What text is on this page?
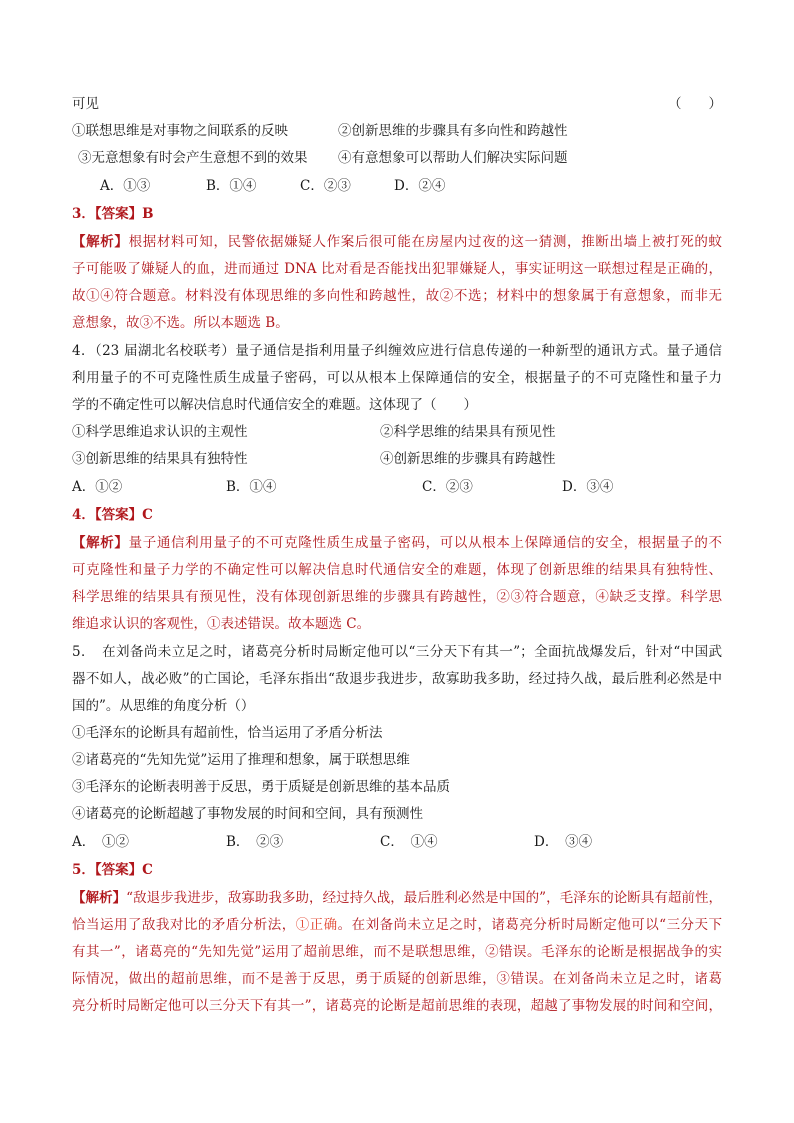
可见	（　　）
①联想思维是对事物之间联系的反映	②创新思维的步骤具有多向性和跨越性
③无意想象有时会产生意想不到的效果 ④有意想象可以帮助人们解决实际问题
A．①③	B．①④	C．②③	D．②④
3．【答案】B
【解析】根据材料可知，民警依据嫌疑人作案后很可能在房屋内过夜的这一猜测，推断出墙上被打死的蚊
子可能吸了嫌疑人的血，进而通过 DNA 比对看是否能找出犯罪嫌疑人，事实证明这一联想过程是正确的，
故①④符合题意。材料没有体现思维的多向性和跨越性，故②不选；材料中的想象属于有意想象，而非无
意想象，故③不选。所以本题选 B。
4．（23 届湖北名校联考）量子通信是指利用量子纠缠效应进行信息传递的一种新型的通讯方式。量子通信
利用量子的不可克隆性质生成量子密码，可以从根本上保障通信的安全，根据量子的不可克隆性和量子力
学的不确定性可以解决信息时代通信安全的难题。这体现了（　　）
①科学思维追求认识的主观性	②科学思维的结果具有预见性
③创新思维的结果具有独特性	④创新思维的步骤具有跨越性
A．①②	B．①④	C．②③	D．③④
4．【答案】C
【解析】量子通信利用量子的不可克隆性质生成量子密码，可以从根本上保障通信的安全，根据量子的不
可克隆性和量子力学的不确定性可以解决信息时代通信安全的难题，体现了创新思维的结果具有独特性、
科学思维的结果具有预见性，没有体现创新思维的步骤具有跨越性，②③符合题意，④缺乏支撑。科学思
维追求认识的客观性，①表述错误。故本题选 C。
5．　在刘备尚未立足之时，诸葛亮分析时局断定他可以“三分天下有其一”；全面抗战爆发后，针对“中国武
器不如人，战必败”的亡国论，毛泽东指出“敌退步我进步，敌寡助我多助，经过持久战，最后胜利必然是中
国的”。从思维的角度分析（）
①毛泽东的论断具有超前性，恰当运用了矛盾分析法
②诸葛亮的“先知先觉”运用了推理和想象，属于联想思维
③毛泽东的论断表明善于反思，勇于质疑是创新思维的基本品质
④诸葛亮的论断超越了事物发展的时间和空间，具有预测性
A．　①②	B．　②③	C．　①④	D．　③④
5．【答案】C
【解析】“敌退步我进步，敌寡助我多助，经过持久战，最后胜利必然是中国的”，毛泽东的论断具有超前性，
恰当运用了敌我对比的矛盾分析法，①正确。在刘备尚未立足之时，诸葛亮分析时局断定他可以“三分天下
有其一”，诸葛亮的“先知先觉”运用了超前思维，而不是联想思维，②错误。毛泽东的论断是根据战争的实
际情况，做出的超前思维，而不是善于反思，勇于质疑的创新思维，③错误。在刘备尚未立足之时，诸葛
亮分析时局断定他可以三分天下有其一”，诸葛亮的论断是超前思维的表现，超越了事物发展的时间和空间，
